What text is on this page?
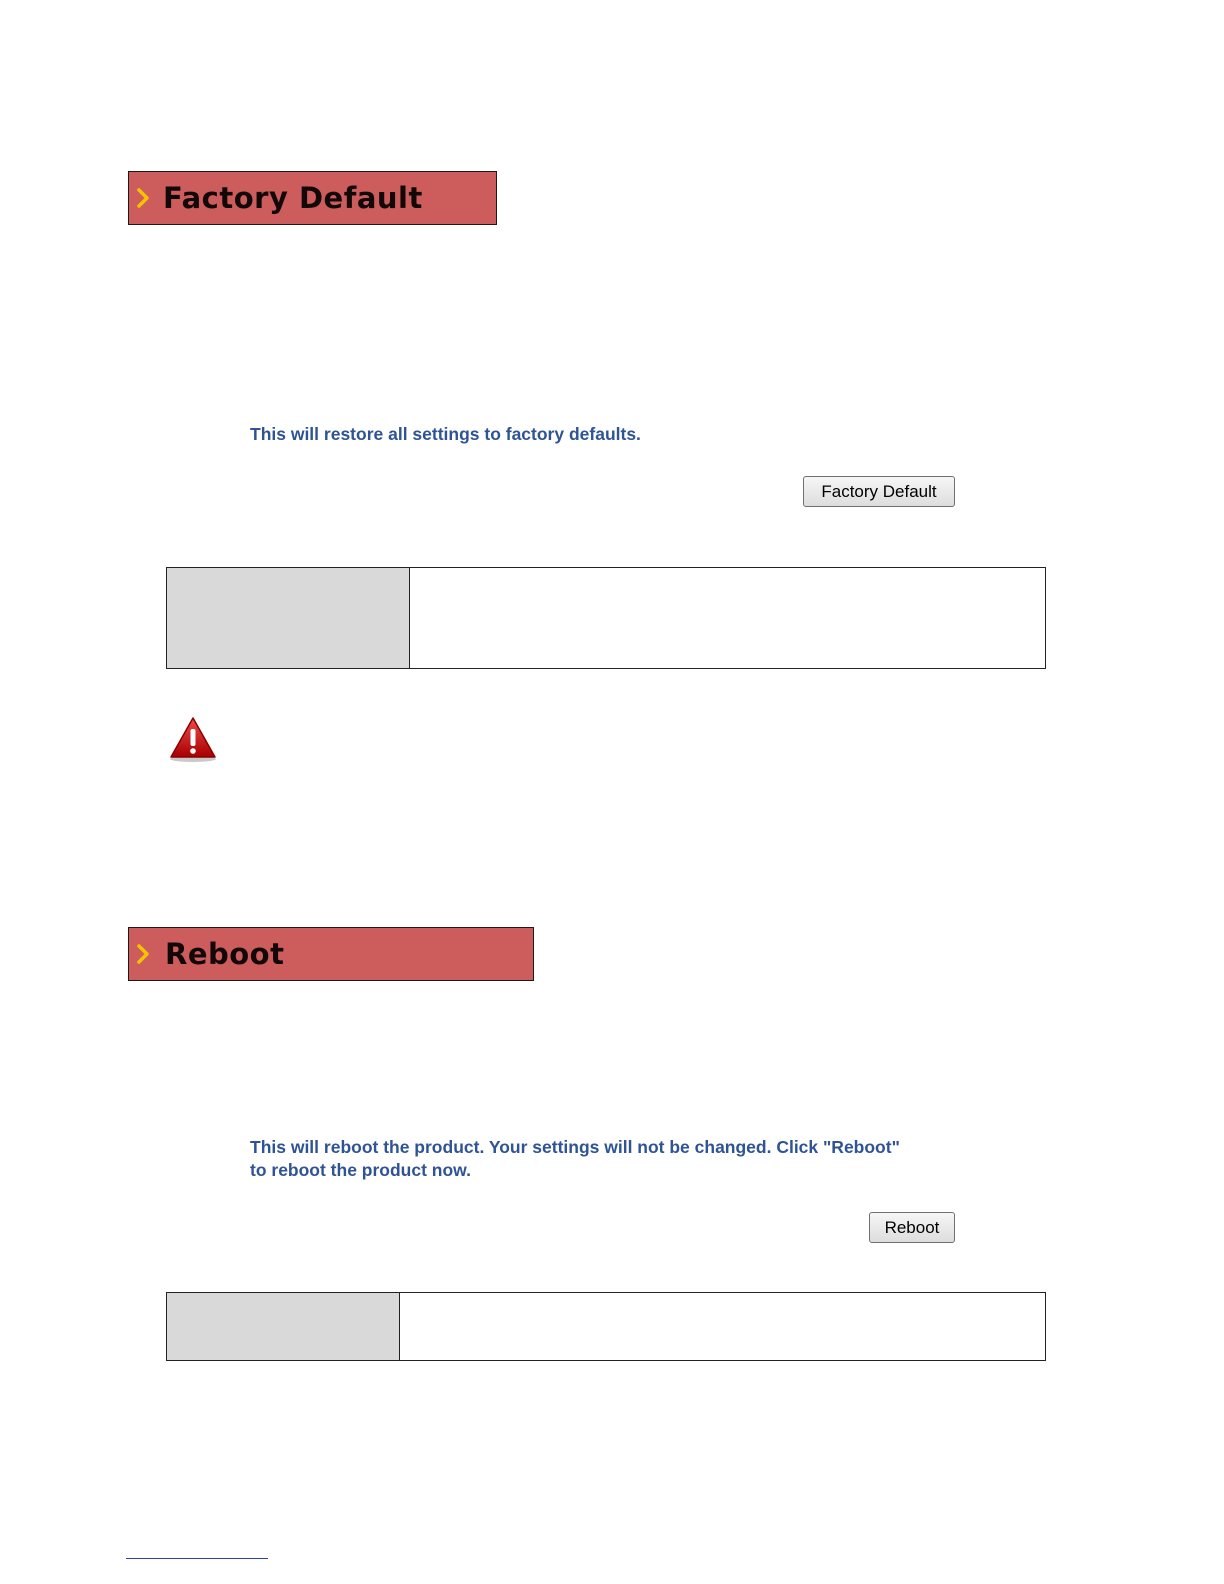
Factory Default
This will restore all settings to factory defaults.
Factory Default

Reboot
This will reboot the product. Your settings will not be changed. Click "Reboot"
to reboot the product now.
Reboot
